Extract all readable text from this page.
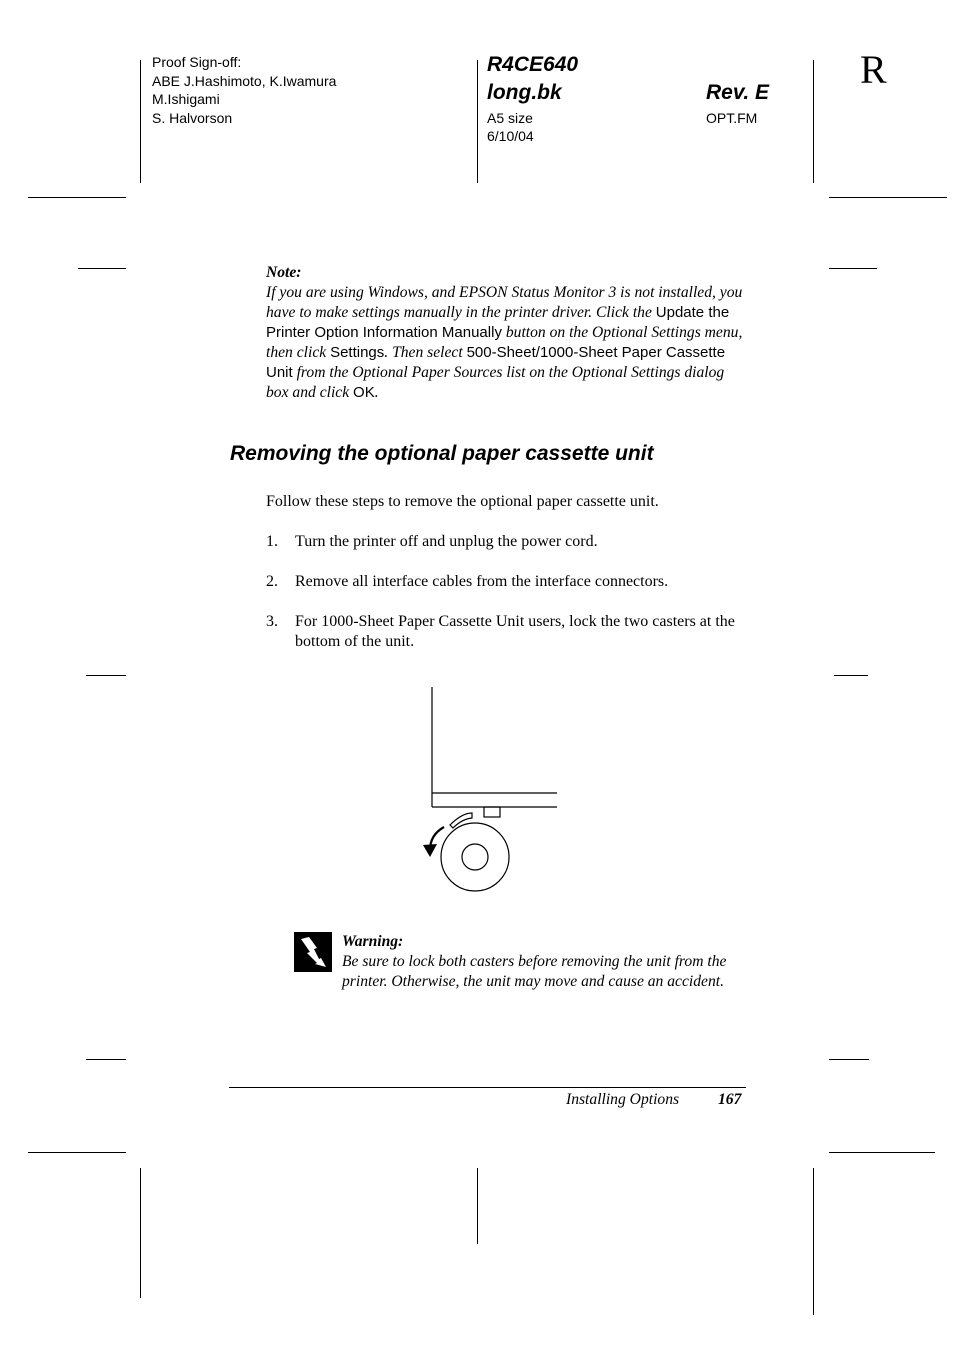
Proof Sign-off:
ABE J.Hashimoto, K.Iwamura
M.Ishigami
S. Halvorson
R4CE640
long.bk
A5 size
6/10/04
Rev. E
OPT.FM
R
Note:
If you are using Windows, and EPSON Status Monitor 3 is not installed, you have to make settings manually in the printer driver. Click the Update the Printer Option Information Manually button on the Optional Settings menu, then click Settings. Then select 500-Sheet/1000-Sheet Paper Cassette Unit from the Optional Paper Sources list on the Optional Settings dialog box and click OK.
Removing the optional paper cassette unit
Follow these steps to remove the optional paper cassette unit.
1. Turn the printer off and unplug the power cord.
2. Remove all interface cables from the interface connectors.
3. For 1000-Sheet Paper Cassette Unit users, lock the two casters at the bottom of the unit.
Warning:
Be sure to lock both casters before removing the unit from the printer. Otherwise, the unit may move and cause an accident.
Installing Options 167
